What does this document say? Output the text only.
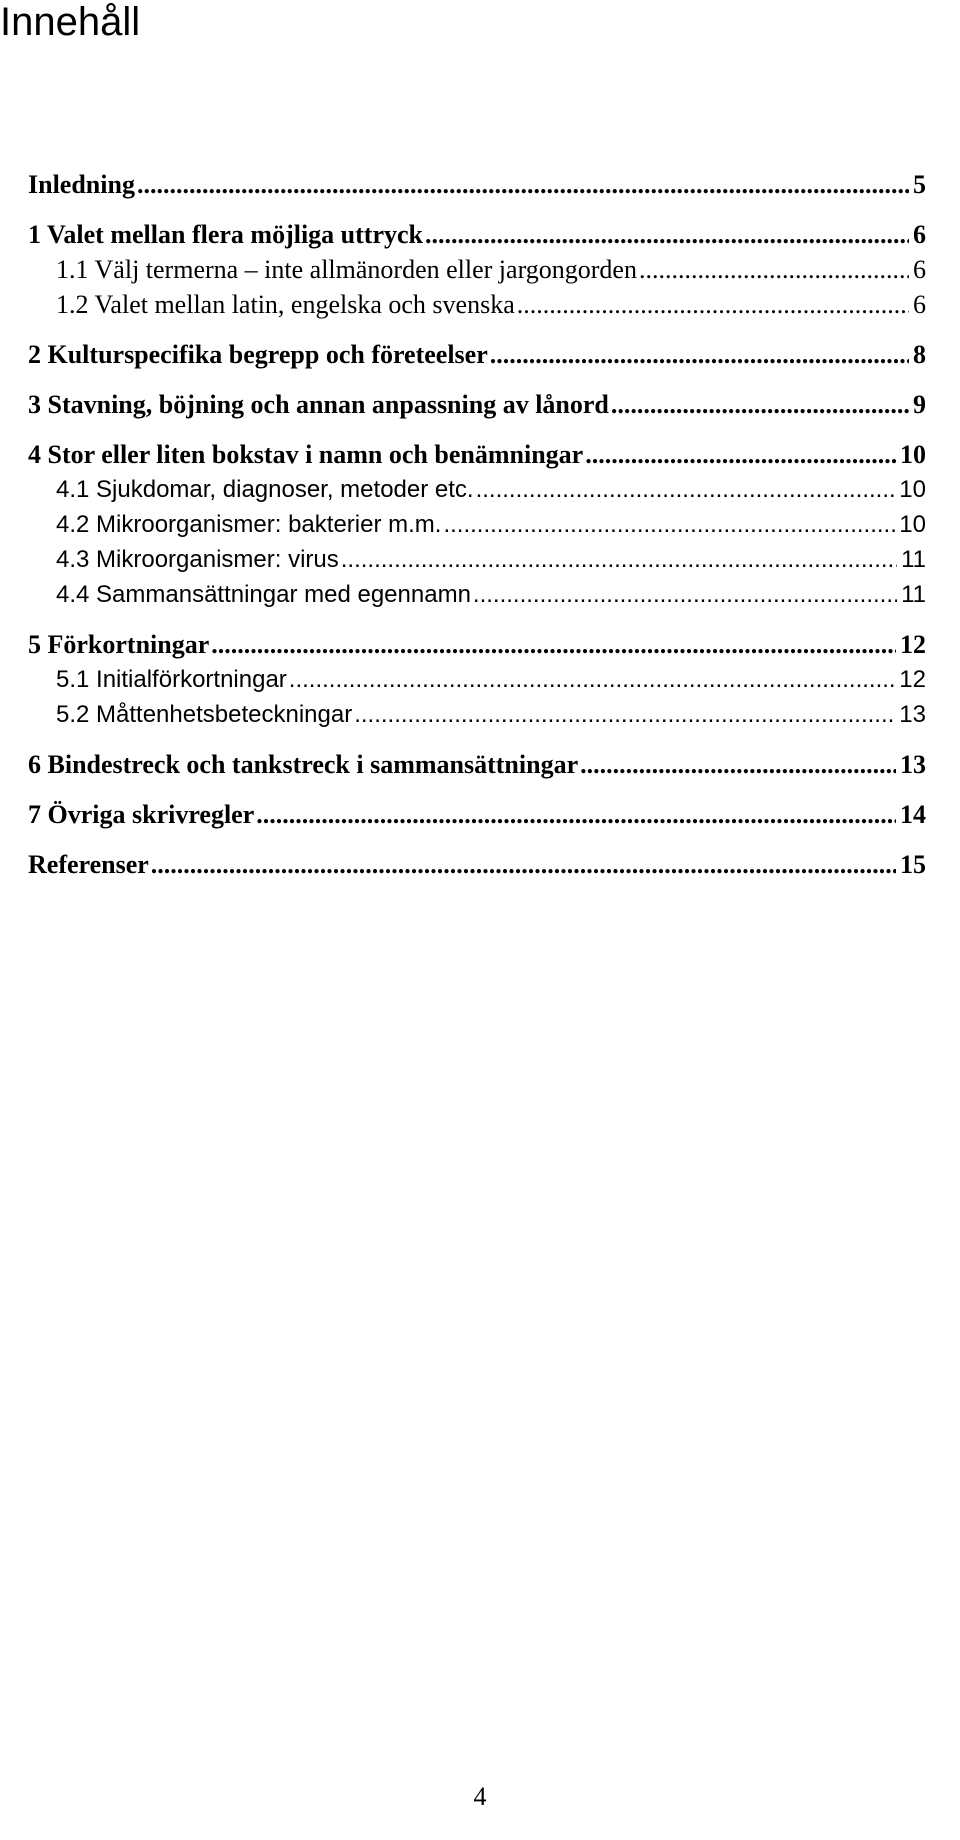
Innehåll
Inledning .....	5
1 Valet mellan flera möjliga uttryck .....	6
1.1 Välj termerna – inte allmänorden eller jargongorden .....	6
1.2 Valet mellan latin, engelska och svenska .....	6
2 Kulturspecifika begrepp och företeelser .....	8
3 Stavning, böjning och annan anpassning av lånord .....	9
4 Stor eller liten bokstav i namn och benämningar .....	10
4.1 Sjukdomar, diagnoser, metoder etc. .....	10
4.2 Mikroorganismer: bakterier m.m. .....	10
4.3 Mikroorganismer: virus .....	11
4.4 Sammansättningar med egennamn .....	11
5 Förkortningar .....	12
5.1 Initialförkortningar .....	12
5.2 Måttenhetsbeteckningar .....	13
6 Bindestreck och tankstreck i sammansättningar .....	13
7 Övriga skrivregler .....	14
Referenser .....	15
4
